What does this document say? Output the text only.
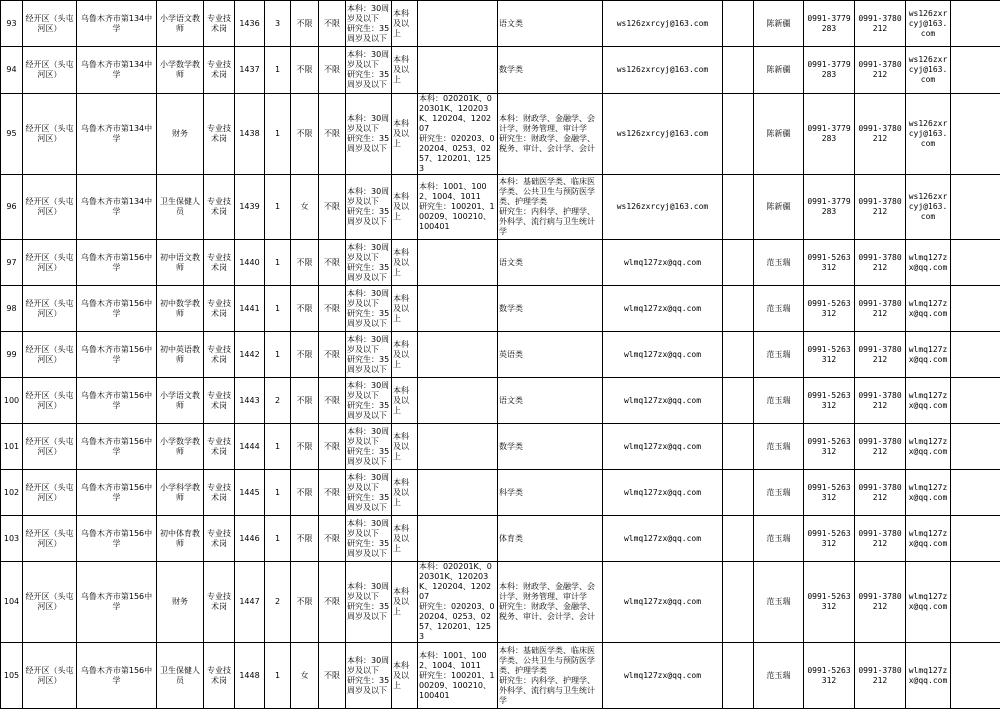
93	经开区（头屯河区）	乌鲁木齐市第134中学	小学语文教师	专业技术岗	1436	3	不限	不限	本科：30周岁及以下
研究生：35周岁及以下	本科及以上		语文类	ws126zxrcyj@163.com		陈新疆	0991-3779283	0991-3780212	ws126zxrcyj@163.com	
94	经开区（头屯河区）	乌鲁木齐市第134中学	小学数学教师	专业技术岗	1437	1	不限	不限	本科：30周岁及以下
研究生：35周岁及以下	本科及以上		数学类	ws126zxrcyj@163.com		陈新疆	0991-3779283	0991-3780212	ws126zxrcyj@163.com	
95	经开区（头屯河区）	乌鲁木齐市第134中学	财务	专业技术岗	1438	1	不限	不限	本科：30周岁及以下
研究生：35周岁及以下	本科及以上	本科：020201K、020301K、120203K、120204、120207
研究生：020203、020204、0253、0257、120201、1253	本科：财政学、金融学、会计学、财务管理、审计学
研究生：财政学、金融学、税务、审计、会计学、会计	ws126zxrcyj@163.com		陈新疆	0991-3779283	0991-3780212	ws126zxrcyj@163.com	
96	经开区（头屯河区）	乌鲁木齐市第134中学	卫生保健人员	专业技术岗	1439	1	女	不限	本科：30周岁及以下
研究生：35周岁及以下	本科及以上	本科：1001、1002、1004、1011
研究生：100201、100209、100210、100401	本科：基础医学类、临床医学类、公共卫生与预防医学类、护理学类
研究生：内科学、护理学、外科学、流行病与卫生统计学	ws126zxrcyj@163.com		陈新疆	0991-3779283	0991-3780212	ws126zxrcyj@163.com	
97	经开区（头屯河区）	乌鲁木齐市第156中学	初中语文教师	专业技术岗	1440	1	不限	不限	本科：30周岁及以下
研究生：35周岁及以下	本科及以上		语文类	wlmq127zx@qq.com		范玉瑞	0991-5263312	0991-3780212	wlmq127zx@qq.com	
98	经开区（头屯河区）	乌鲁木齐市第156中学	初中数学教师	专业技术岗	1441	1	不限	不限	本科：30周岁及以下
研究生：35周岁及以下	本科及以上		数学类	wlmq127zx@qq.com		范玉瑞	0991-5263312	0991-3780212	wlmq127zx@qq.com	
99	经开区（头屯河区）	乌鲁木齐市第156中学	初中英语教师	专业技术岗	1442	1	不限	不限	本科：30周岁及以下
研究生：35周岁及以下	本科及以上		英语类	wlmq127zx@qq.com		范玉瑞	0991-5263312	0991-3780212	wlmq127zx@qq.com	
100	经开区（头屯河区）	乌鲁木齐市第156中学	小学语文教师	专业技术岗	1443	2	不限	不限	本科：30周岁及以下
研究生：35周岁及以下	本科及以上		语文类	wlmq127zx@qq.com		范玉瑞	0991-5263312	0991-3780212	wlmq127zx@qq.com	
101	经开区（头屯河区）	乌鲁木齐市第156中学	小学数学教师	专业技术岗	1444	1	不限	不限	本科：30周岁及以下
研究生：35周岁及以下	本科及以上		数学类	wlmq127zx@qq.com		范玉瑞	0991-5263312	0991-3780212	wlmq127zx@qq.com	
102	经开区（头屯河区）	乌鲁木齐市第156中学	小学科学教师	专业技术岗	1445	1	不限	不限	本科：30周岁及以下
研究生：35周岁及以下	本科及以上		科学类	wlmq127zx@qq.com		范玉瑞	0991-5263312	0991-3780212	wlmq127zx@qq.com	
103	经开区（头屯河区）	乌鲁木齐市第156中学	初中体育教师	专业技术岗	1446	1	不限	不限	本科：30周岁及以下
研究生：35周岁及以下	本科及以上		体育类	wlmq127zx@qq.com		范玉瑞	0991-5263312	0991-3780212	wlmq127zx@qq.com	
104	经开区（头屯河区）	乌鲁木齐市第156中学	财务	专业技术岗	1447	2	不限	不限	本科：30周岁及以下
研究生：35周岁及以下	本科及以上	本科：020201K、020301K、120203K、120204、120207
研究生：020203、020204、0253、0257、120201、1253	本科：财政学、金融学、会计学、财务管理、审计学
研究生：财政学、金融学、税务、审计、会计学、会计	wlmq127zx@qq.com		范玉瑞	0991-5263312	0991-3780212	wlmq127zx@qq.com	
105	经开区（头屯河区）	乌鲁木齐市第156中学	卫生保健人员	专业技术岗	1448	1	女	不限	本科：30周岁及以下
研究生：35周岁及以下	本科及以上	本科：1001、1002、1004、1011
研究生：100201、100209、100210、100401	本科：基础医学类、临床医学类、公共卫生与预防医学类、护理学类
研究生：内科学、护理学、外科学、流行病与卫生统计学	wlmq127zx@qq.com		范玉瑞	0991-5263312	0991-3780212	wlmq127zx@qq.com	
